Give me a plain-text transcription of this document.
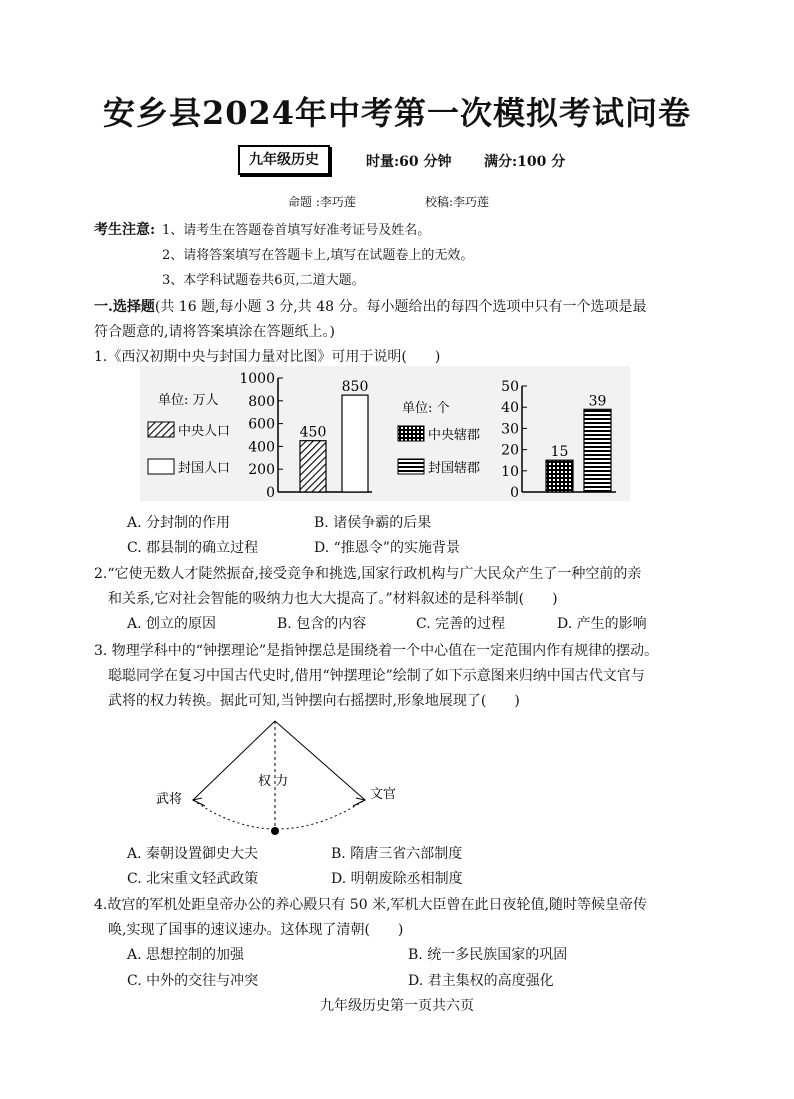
安乡县2024年中考第一次模拟考试问卷
九年级历史	时量:60 分钟 满分:100 分
命题 :李巧莲	校稿:李巧莲
考生注意: 1、请考生在答题卷首填写好准考证号及姓名。
2、请将答案填写在答题卡上,填写在试题卷上的无效。
3、本学科试题卷共6页,二道大题。
一.选择题(共 16 题,每小题 3 分,共 48 分。每小题给出的每四个选项中只有一个选项是最
符合题意的,请将答案填涂在答题纸上。)
1.《西汉初期中央与封国力量对比图》可用于说明(　　)
单位: 万人
中央人口
封国人口
0
200
400
600
800
1000
450
850
单位: 个
中央辖郡
封国辖郡
0
10
20
30
40
50
15
39
A. 分封制的作用	B. 诸侯争霸的后果
C. 郡县制的确立过程	D. “推恩令”的实施背景
2.“它使无数人才陡然振奋,接受竞争和挑选,国家行政机构与广大民众产生了一种空前的亲
和关系,它对社会智能的吸纳力也大大提高了。”材料叙述的是科举制(　　)
A. 创立的原因	B. 包含的内容	C. 完善的过程	D. 产生的影响
3. 物理学科中的“钟摆理论”是指钟摆总是围绕着一个中心值在一定范围内作有规律的摆动。
聪聪同学在复习中国古代史时,借用“钟摆理论”绘制了如下示意图来归纳中国古代文官与
武将的权力转换。据此可知,当钟摆向右摇摆时,形象地展现了(　　)
武将	文官
权 力
A. 秦朝设置御史大夫	B. 隋唐三省六部制度
C. 北宋重文轻武政策	D. 明朝废除丞相制度
4.故宫的军机处距皇帝办公的养心殿只有 50 米,军机大臣曾在此日夜轮值,随时等候皇帝传
唤,实现了国事的速议速办。这体现了清朝(　　)
A. 思想控制的加强	B. 统一多民族国家的巩固
C. 中外的交往与冲突	D. 君主集权的高度强化
九年级历史第一页共六页
